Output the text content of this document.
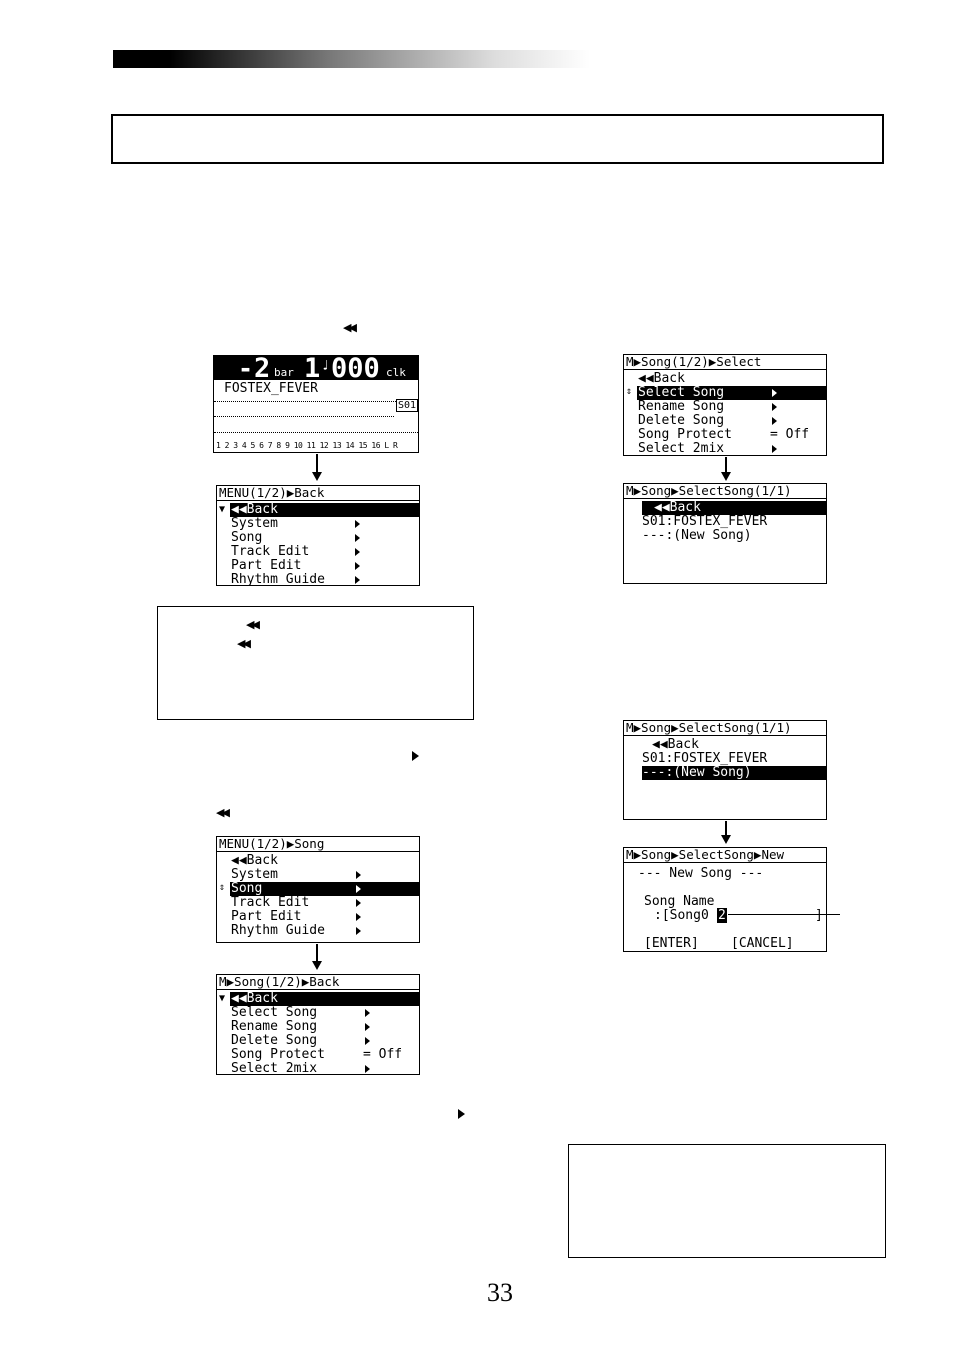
◀◀
- 2 bar 1 ♩ 000 clk
FOSTEX_FEVER
S01
1 2 3 4 5 6 7 8 9 10 11 12 13 14 15 16 L R
MENU(1/2)▶Back
◀◀Back
▼
System
Song
Track Edit
Part Edit
Rhythm Guide
◀◀
◀◀
◀◀
MENU(1/2)▶Song
◀◀Back
System
Song
⇕
Track Edit
Part Edit
Rhythm Guide
M▶Song(1/2)▶Back
◀◀Back
▼
Select Song
Rename Song
Delete Song
Song Protect	= Off
Select 2mix
M▶Song(1/2)▶Select
◀◀Back
Select Song
⇕
Rename Song
Delete Song
Song Protect	= Off
Select 2mix
M▶Song▶SelectSong(1/1)
◀◀Back
S01:FOSTEX_FEVER
---:(New Song)
M▶Song▶SelectSong(1/1)
◀◀Back
S01:FOSTEX_FEVER
---:(New Song)
M▶Song▶SelectSong▶New
--- New Song ---
Song Name
:[Song0 2	]
[ENTER] [CANCEL]
33
